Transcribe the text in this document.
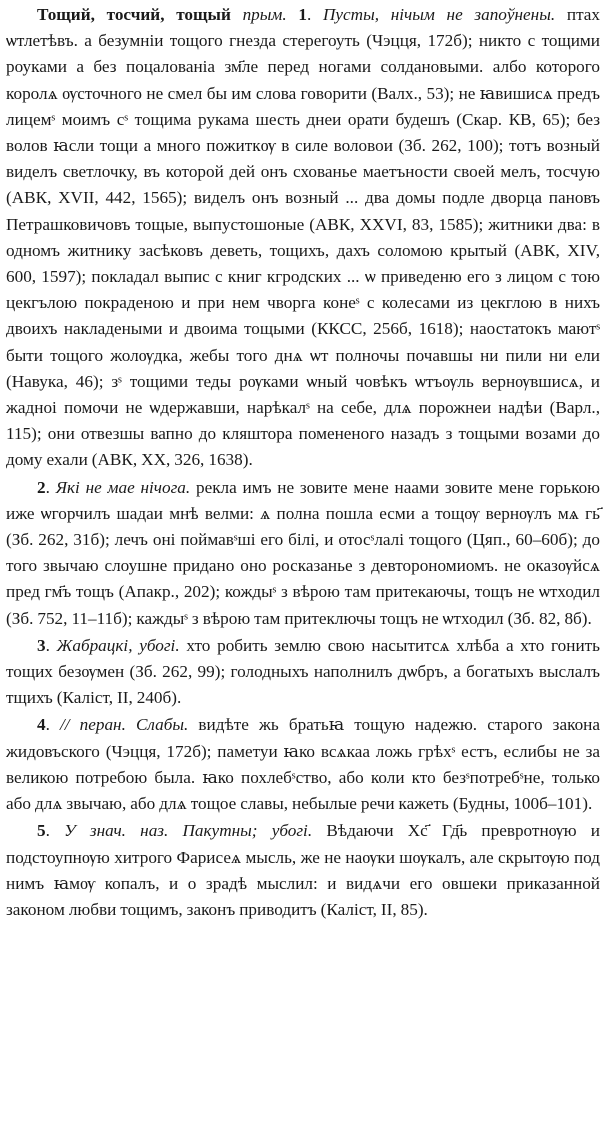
Тощий, тосчий, тощый прым. 1. Пусты, нічым не запоўнены. птах ѡтлетѣвъ. а безумніи тощого гнезда стерегоуть (Чэцця, 172б); никто с тощими роуками а без поцалованiа зм҃ле перед ногами солдановыми. албо которого королѧ ѹсточного не смел бы им слова говорити (Валх., 53); не ꙗвишисѧ предъ лицемˢ моимъ сˢ тощима рукама шесть днеи орати будешъ (Скар. КВ, 65); без волов ꙗсли тощи а много пожиткѹ в силе воловои (Зб. 262, 100); тотъ возный виделъ светлочку, въ которой дей онъ схованье маетъности своей мелъ, тосчую (АВК, XVII, 442, 1565); виделъ онъ возный ... два домы подле дворца пановъ Петрашковичовъ тощые, выпустошоные (АВК, XXVI, 83, 1585); житники два: в одномъ житнику засѣковъ деветь, тощихъ, дахъ соломою крытый (АВК, XIV, 600, 1597); покладал выпис с книг кгродских ... ѡ приведеню его з лицом с тою цекгълою покраденою и при нем чворга конеˢ с колесами из цекглою в нихъ двоихъ накладеными и двоима тощыми (ККСС, 256б, 1618); наостатокъ маютˢ быти тощого жолѹдка, жебы того днѧ ѡт полночы почавшы ни пили ни ели (Навука, 46); зˢ тощими теды рѹками ѡный човѣкъ ѡтъѹль вернѹвшисѧ, и жадноі помочи не ѡдержавши, нарѣкалˢ на себе, длѧ порожнеи надѣи (Варл., 115); они отвезшы вапно до кляштора помененого назадъ з тощыми возами до дому ехали (АВК, XX, 326, 1638).

2. Які не мае нічога. рекла имъ не зовите мене наами зовите мене горькою иже ѡгорчилъ шадаи мнѣ велми: ѧ полна пошла есми а тощѹ вернѹлъ мѧ гь҃ (Зб. 262, 31б); лечъ оні поймавˢші его білі, и отосˢлалі тощого (Цяп., 60–60б); до того звычаю слоушне придано оно росказанье з девторономиомъ. не оказѹйсѧ пред гм҃ъ тощъ (Апакр., 202); кождыˢ з вѣрою там притекаючы, тощъ не ѡтходил (Зб. 752, 11–11б); каждыˢ з вѣрою там притеключы тощъ не ѡтходил (Зб. 82, 8б).

3. Жабрацкі, убогі. хто робить землю свою насытитсѧ хлѣба а хто гонить тощих безѹмен (Зб. 262, 99); голодныхъ наполнилъ дѡбръ, а богатыхъ выслалъ тщихъ (Каліст, II, 240б).

4. // перан. Слабы. видѣте жь братьꙗ тощую надежю. старого закона жидовъского (Чэцця, 172б); паметуи ꙗко всѧкаа ложь грѣхˢ естъ, еслибы не за великою потребою была. ꙗко похлебˢство, або коли кто безˢпотребˢне, только або длѧ звычаю, або длѧ тощое славы, небылые речи кажеть (Будны, 100б–101).

5. У знач. наз. Пакутны; убогі. Вѣдаючи Хс҃ Гд҃ь превротнѹю и подстоупнѹю хитрого Фарисеѧ мысль, же не наѹки шѹкалъ, але скрытѹю под нимъ ꙗмѹ копалъ, и о зрадѣ мыслил: и видѧчи его овшеки приказанной законом любви тощимъ, законъ приводитъ (Каліст, II, 85).
